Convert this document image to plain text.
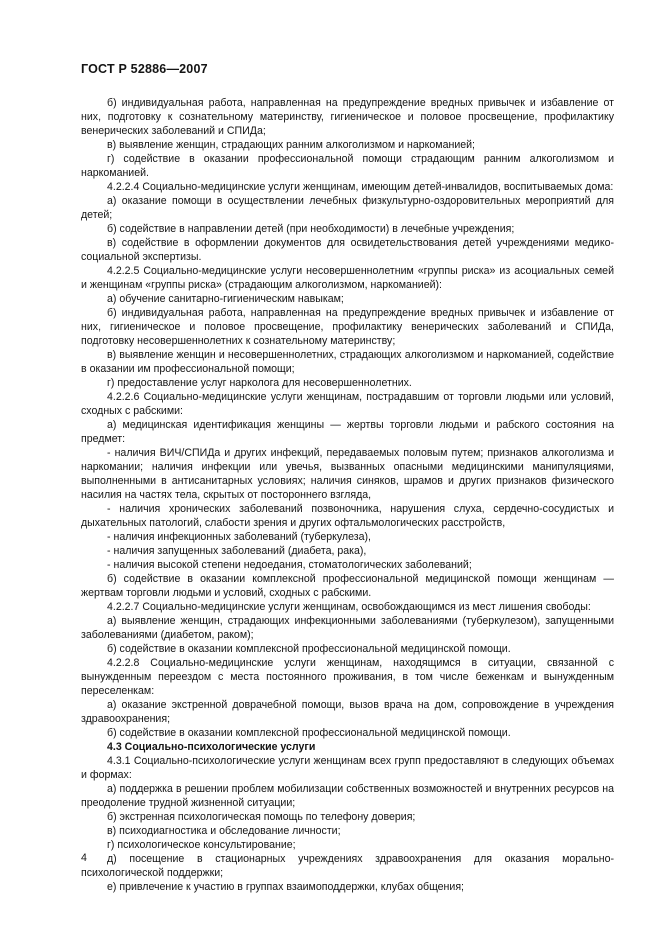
ГОСТ Р 52886—2007

б) индивидуальная работа, направленная на предупреждение вредных привычек и избавление от них, подготовку к сознательному материнству, гигиеническое и половое просвещение, профилактику венерических заболеваний и СПИДа;

в) выявление женщин, страдающих ранним алкоголизмом и наркоманией;

г) содействие в оказании профессиональной помощи страдающим ранним алкоголизмом и наркоманией.

4.2.2.4 Социально-медицинские услуги женщинам, имеющим детей-инвалидов, воспитываемых дома:

а) оказание помощи в осуществлении лечебных физкультурно-оздоровительных мероприятий для детей;

б) содействие в направлении детей (при необходимости) в лечебные учреждения;

в) содействие в оформлении документов для освидетельствования детей учреждениями медико-социальной экспертизы.

4.2.2.5 Социально-медицинские услуги несовершеннолетним «группы риска» из асоциальных семей и женщинам «группы риска» (страдающим алкоголизмом, наркоманией):

а) обучение санитарно-гигиеническим навыкам;

б) индивидуальная работа, направленная на предупреждение вредных привычек и избавление от них, гигиеническое и половое просвещение, профилактику венерических заболеваний и СПИДа, подготовку несовершеннолетних к сознательному материнству;

в) выявление женщин и несовершеннолетних, страдающих алкоголизмом и наркоманией, содействие в оказании им профессиональной помощи;

г) предоставление услуг нарколога для несовершеннолетних.

4.2.2.6 Социально-медицинские услуги женщинам, пострадавшим от торговли людьми или условий, сходных с рабскими:

а) медицинская идентификация женщины — жертвы торговли людьми и рабского состояния на предмет:

- наличия ВИЧ/СПИДа и других инфекций, передаваемых половым путем; признаков алкоголизма и наркомании; наличия инфекции или увечья, вызванных опасными медицинскими манипуляциями, выполненными в антисанитарных условиях; наличия синяков, шрамов и других признаков физического насилия на частях тела, скрытых от постороннего взгляда,

- наличия хронических заболеваний позвоночника, нарушения слуха, сердечно-сосудистых и дыхательных патологий, слабости зрения и других офтальмологических расстройств,

- наличия инфекционных заболеваний (туберкулеза),

- наличия запущенных заболеваний (диабета, рака),

- наличия высокой степени недоедания, стоматологических заболеваний;

б) содействие в оказании комплексной профессиональной медицинской помощи женщинам — жертвам торговли людьми и условий, сходных с рабскими.

4.2.2.7 Социально-медицинские услуги женщинам, освобождающимся из мест лишения свободы:

а) выявление женщин, страдающих инфекционными заболеваниями (туберкулезом), запущенными заболеваниями (диабетом, раком);

б) содействие в оказании комплексной профессиональной медицинской помощи.

4.2.2.8 Социально-медицинские услуги женщинам, находящимся в ситуации, связанной с вынужденным переездом с места постоянного проживания, в том числе беженкам и вынужденным переселенкам:

а) оказание экстренной доврачебной помощи, вызов врача на дом, сопровождение в учреждения здравоохранения;

б) содействие в оказании комплексной профессиональной медицинской помощи.

4.3 Социально-психологические услуги

4.3.1 Социально-психологические услуги женщинам всех групп предоставляют в следующих объемах и формах:

а) поддержка в решении проблем мобилизации собственных возможностей и внутренних ресурсов на преодоление трудной жизненной ситуации;

б) экстренная психологическая помощь по телефону доверия;

в) психодиагностика и обследование личности;

г) психологическое консультирование;

д) посещение в стационарных учреждениях здравоохранения для оказания морально-психологической поддержки;

е) привлечение к участию в группах взаимоподдержки, клубах общения;

4
